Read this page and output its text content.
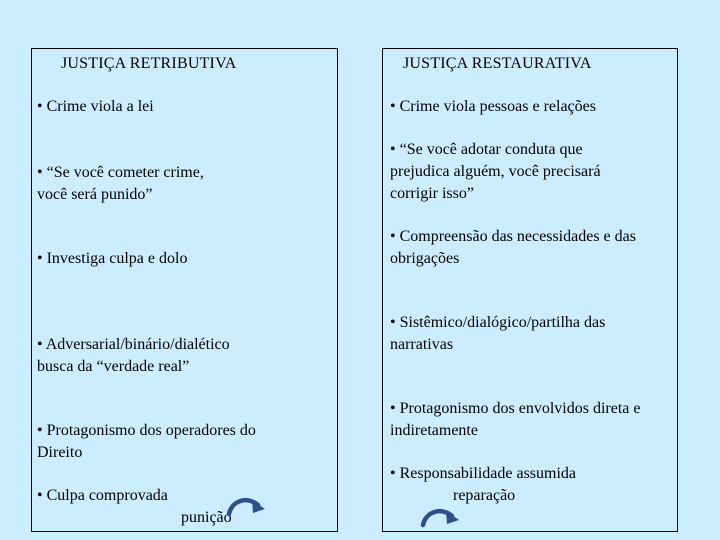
JUSTIÇA RETRIBUTIVA
• Crime viola a lei
• “Se você cometer crime,
você será punido”
• Investiga culpa e dolo
• Adversarial/binário/dialético
busca da “verdade real”
• Protagonismo dos operadores do
Direito
• Culpa comprovada
punição
JUSTIÇA RESTAURATIVA
• Crime viola pessoas e relações
• “Se você adotar conduta que
prejudica alguém, você precisará
corrigir isso”
• Compreensão das necessidades e das
obrigações
• Sistêmico/dialógico/partilha das
narrativas
• Protagonismo dos envolvidos direta e
indiretamente
• Responsabilidade assumida
reparação
